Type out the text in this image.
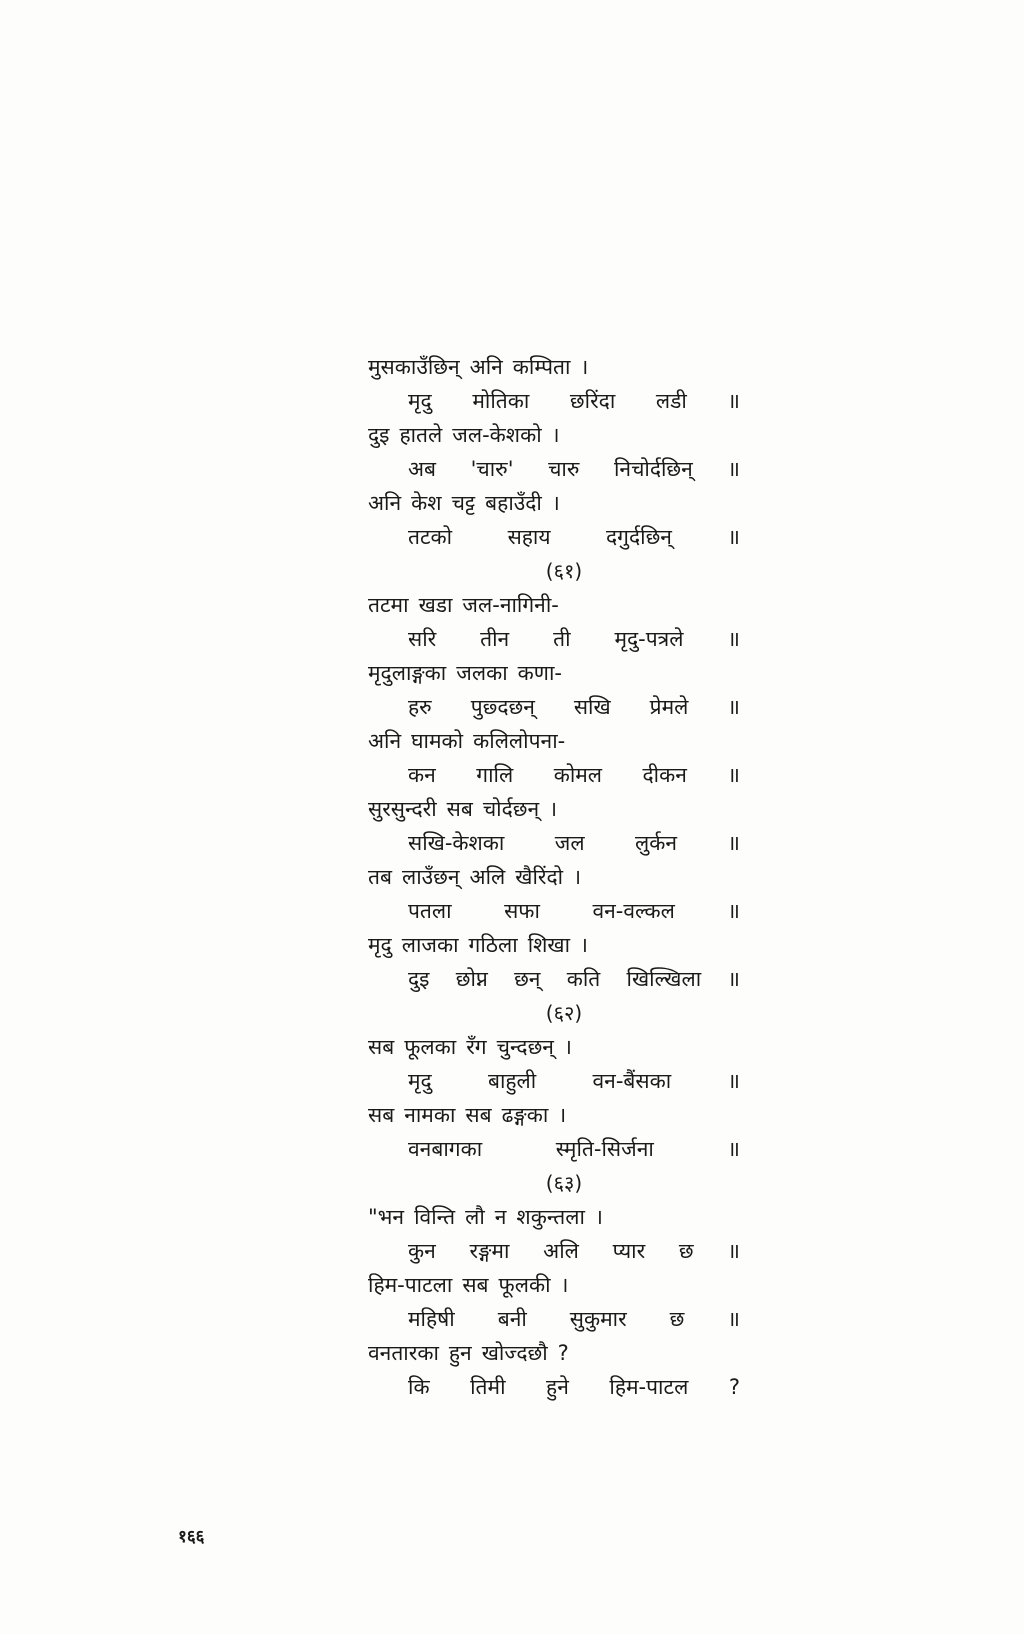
मुसकाउँछिन् अनि कम्पिता ।
मृदु मोतिका छरिंदा लडी ॥
दुइ हातले जल-केशको ।
अब 'चारु' चारु निचोर्दछिन् ॥
अनि केश चट्ट बहाउँदी ।
तटको	सहाय	दगुर्दछिन्	॥
(६१)
तटमा खडा जल-नागिनी-
सरि तीन ती मृदु-पत्रले ॥
मृदुलाङ्गका जलका कणा-
हरु पुछ्दछन् सखि प्रेमले ॥
अनि घामको कलिलोपना-
कन गालि कोमल दीकन ॥
सुरसुन्दरी सब चोर्दछन् ।
सखि-केशका जल लुर्कन ॥
तब लाउँछन् अलि खैरिंदो ।
पतला	सफा	वन-वल्कल	॥
मृदु लाजका गठिला शिखा ।
दुइ छोप्न छन् कति खिल्खिला ॥
(६२)
सब फूलका रँग चुन्दछन् ।
मृदु	बाहुली	वन-बैंसका	॥
सब नामका सब ढङ्गका ।
वनबागका	स्मृति-सिर्जना	॥
(६३)
"भन विन्ति लौ न शकुन्तला ।
कुन रङ्गमा अलि प्यार छ ॥
हिम-पाटला सब फूलकी ।
महिषी बनी सुकुमार छ ॥
वनतारका हुन खोज्दछौ ?
कि तिमी हुने हिम-पाटल ?
१६६
